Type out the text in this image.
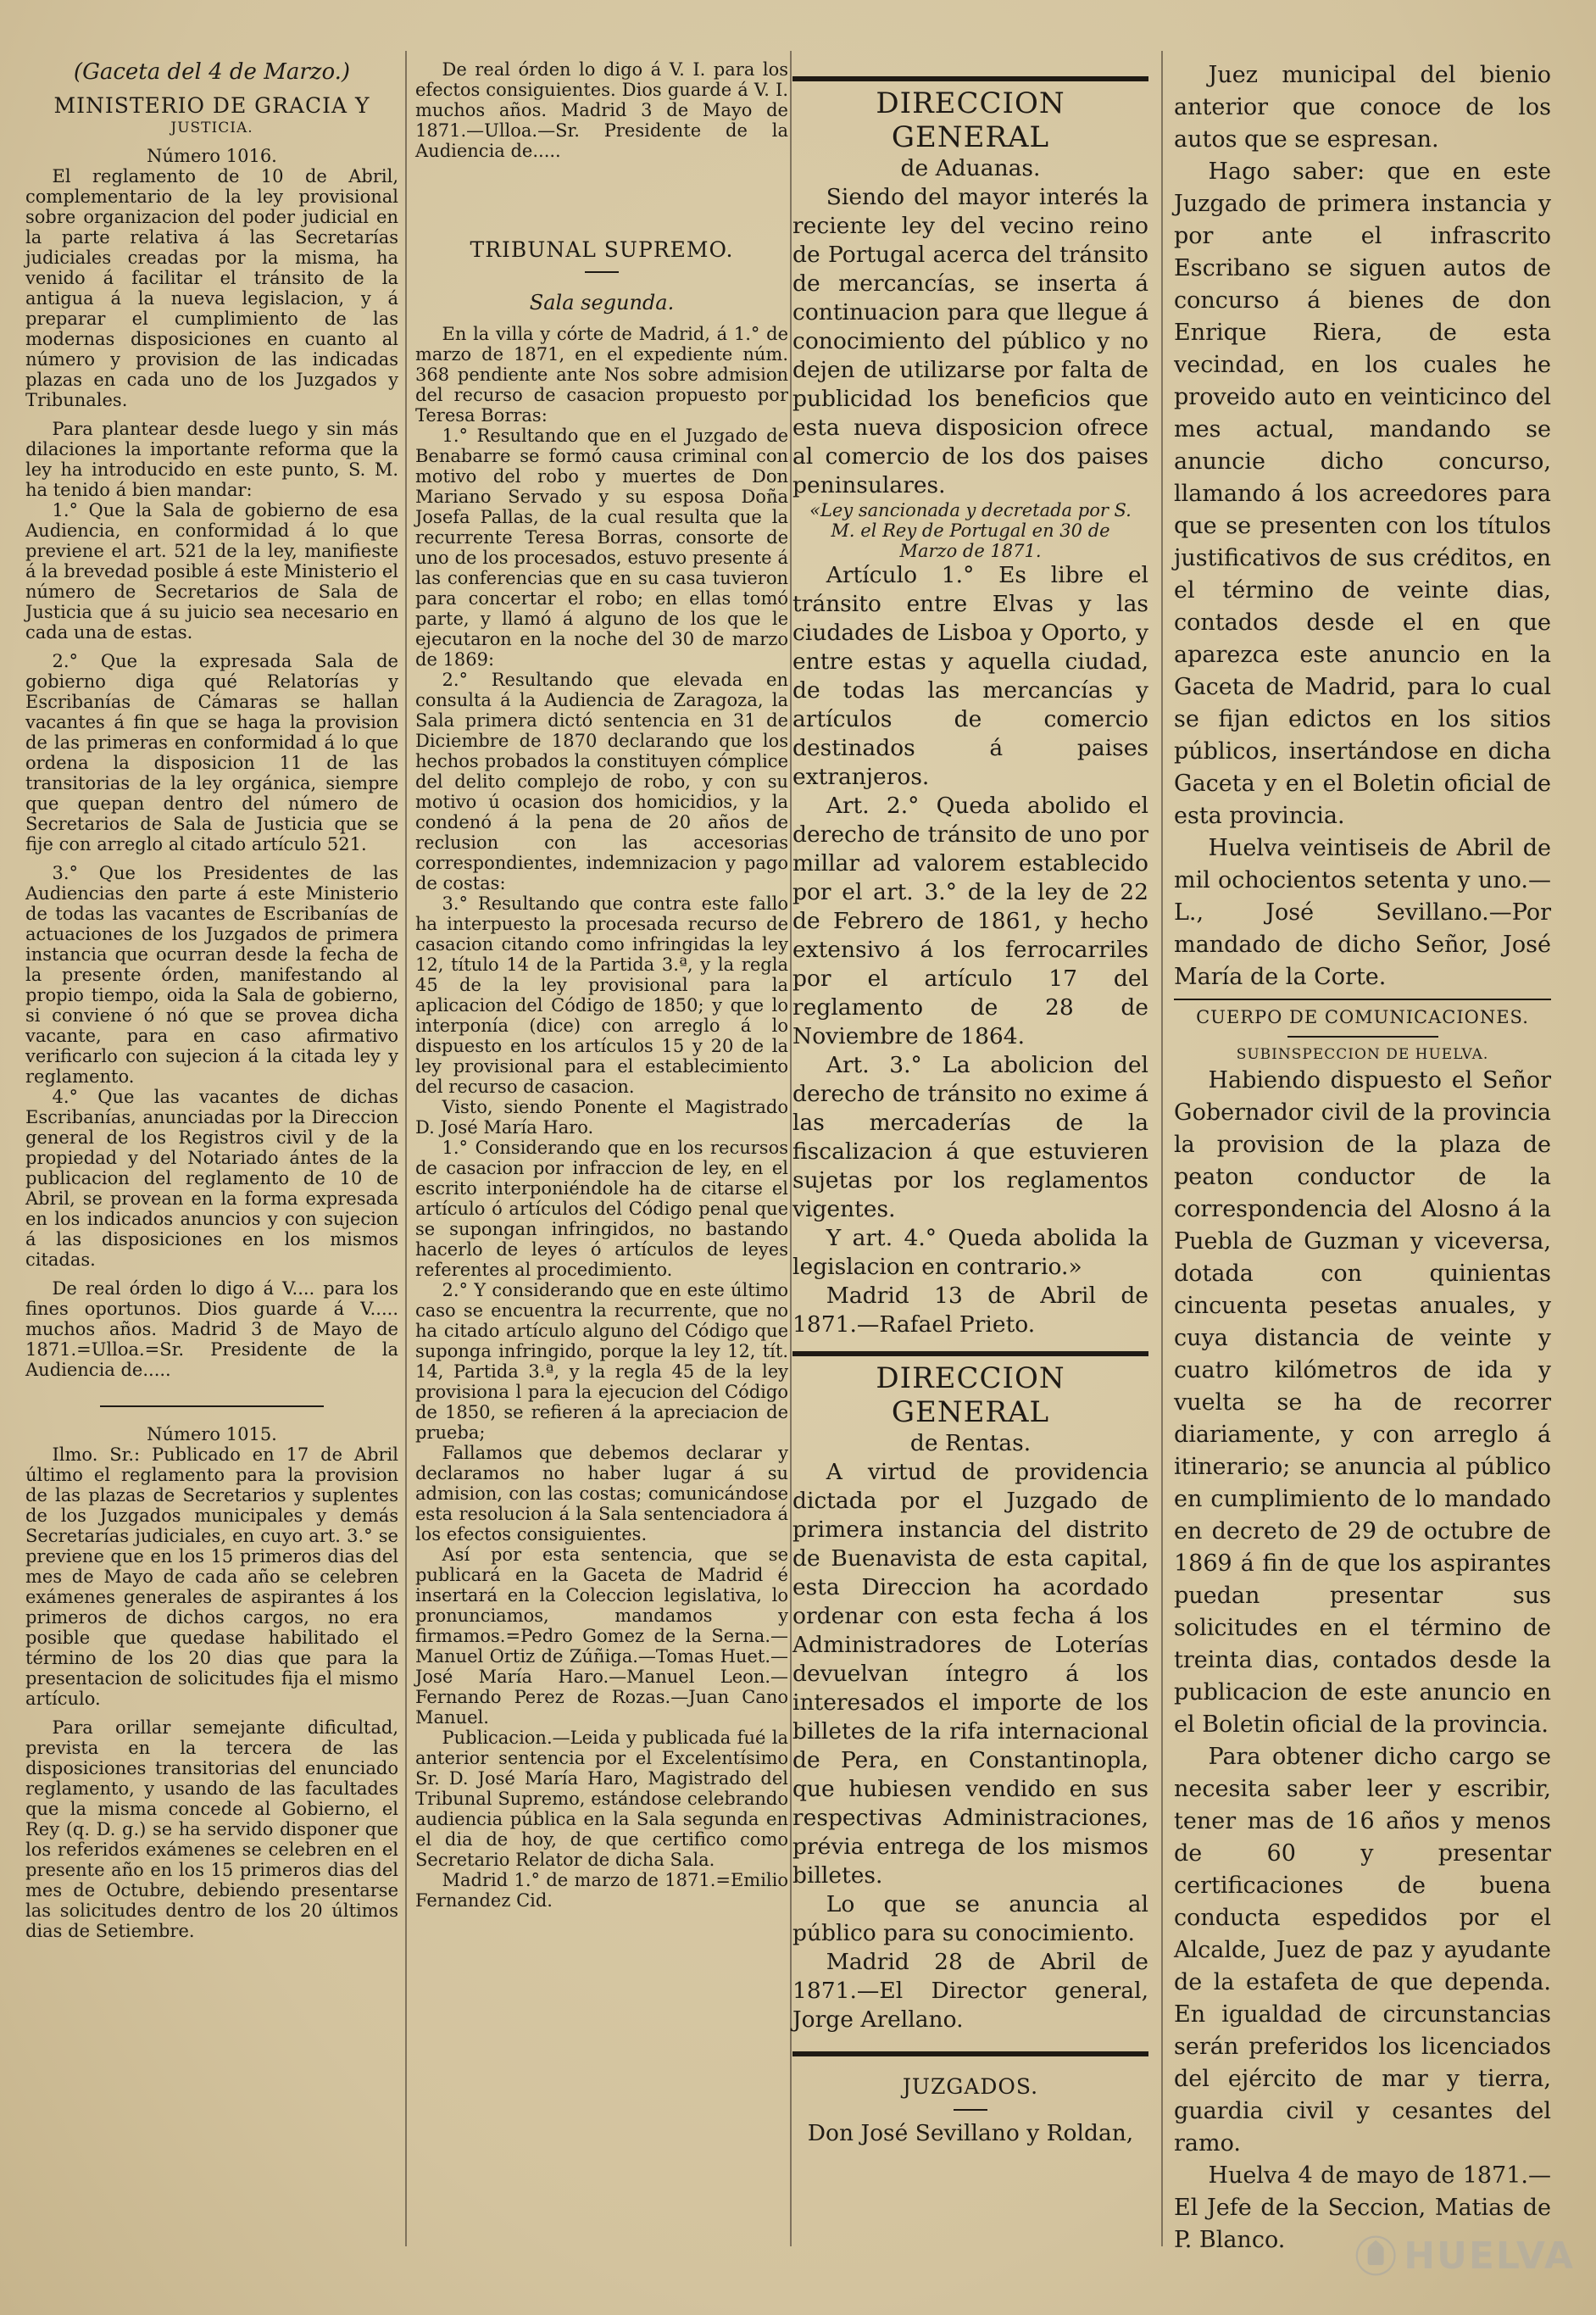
(Gaceta del 4 de Marzo.)

MINISTERIO DE GRACIA Y

JUSTICIA.

Número 1016.

El reglamento de 10 de Abril, complementario de la ley provisional sobre organizacion del poder judicial en la parte relativa á las Secretarías judiciales creadas por la misma, ha venido á facilitar el tránsito de la antigua á la nueva legislacion, y á preparar el cumplimiento de las modernas disposiciones en cuanto al número y provision de las indicadas plazas en cada uno de los Juzgados y Tribunales.

Para plantear desde luego y sin más dilaciones la importante reforma que la ley ha introducido en este punto, S. M. ha tenido á bien mandar:

1.° Que la Sala de gobierno de esa Audiencia, en conformidad á lo que previene el art. 521 de la ley, manifieste á la brevedad posible á este Ministerio el número de Secretarios de Sala de Justicia que á su juicio sea necesario en cada una de estas.

2.° Que la expresada Sala de gobierno diga qué Relatorías y Escribanías de Cámaras se hallan vacantes á fin que se haga la provision de las primeras en conformidad á lo que ordena la disposicion 11 de las transitorias de la ley orgánica, siempre que quepan dentro del número de Secretarios de Sala de Justicia que se fije con arreglo al citado artículo 521.

3.° Que los Presidentes de las Audiencias den parte á este Ministerio de todas las vacantes de Escribanías de actuaciones de los Juzgados de primera instancia que ocurran desde la fecha de la presente órden, manifestando al propio tiempo, oida la Sala de gobierno, si conviene ó nó que se provea dicha vacante, para en caso afirmativo verificarlo con sujecion á la citada ley y reglamento.

4.° Que las vacantes de dichas Escribanías, anunciadas por la Direccion general de los Registros civil y de la propiedad y del Notariado ántes de la publicacion del reglamento de 10 de Abril, se provean en la forma expresada en los indicados anuncios y con sujecion á las disposiciones en los mismos citadas.

De real órden lo digo á V.... para los fines oportunos. Dios guarde á V..... muchos años. Madrid 3 de Mayo de 1871.=Ulloa.=Sr. Presidente de la Audiencia de.....

Número 1015.

Ilmo. Sr.: Publicado en 17 de Abril último el reglamento para la provision de las plazas de Secretarios y suplentes de los Juzgados municipales y demás Secretarías judiciales, en cuyo art. 3.° se previene que en los 15 primeros dias del mes de Mayo de cada año se celebren exámenes generales de aspirantes á los primeros de dichos cargos, no era posible que quedase habilitado el término de los 20 dias que para la presentacion de solicitudes fija el mismo artículo.

Para orillar semejante dificultad, prevista en la tercera de las disposiciones transitorias del enunciado reglamento, y usando de las facultades que la misma concede al Gobierno, el Rey (q. D. g.) se ha servido disponer que los referidos exámenes se celebren en el presente año en los 15 primeros dias del mes de Octubre, debiendo presentarse las solicitudes dentro de los 20 últimos dias de Setiembre.

De real órden lo digo á V. I. para los efectos consiguientes. Dios guarde á V. I. muchos años. Madrid 3 de Mayo de 1871.—Ulloa.—Sr. Presidente de la Audiencia de.....

TRIBUNAL SUPREMO.

Sala segunda.

En la villa y córte de Madrid, á 1.° de marzo de 1871, en el expediente núm. 368 pendiente ante Nos sobre admision del recurso de casacion propuesto por Teresa Borras:

1.° Resultando que en el Juzgado de Benabarre se formó causa criminal con motivo del robo y muertes de Don Mariano Servado y su esposa Doña Josefa Pallas, de la cual resulta que la recurrente Teresa Borras, consorte de uno de los procesados, estuvo presente á las conferencias que en su casa tuvieron para concertar el robo; en ellas tomó parte, y llamó á alguno de los que le ejecutaron en la noche del 30 de marzo de 1869:

2.° Resultando que elevada en consulta á la Audiencia de Zaragoza, la Sala primera dictó sentencia en 31 de Diciembre de 1870 declarando que los hechos probados la constituyen cómplice del delito complejo de robo, y con su motivo ú ocasion dos homicidios, y la condenó á la pena de 20 años de reclusion con las accesorias correspondientes, indemnizacion y pago de costas:

3.° Resultando que contra este fallo ha interpuesto la procesada recurso de casacion citando como infringidas la ley 12, título 14 de la Partida 3.ª, y la regla 45 de la ley provisional para la aplicacion del Código de 1850; y que lo interponía (dice) con arreglo á lo dispuesto en los artículos 15 y 20 de la ley provisional para el establecimiento del recurso de casacion.

Visto, siendo Ponente el Magistrado D. José María Haro.

1.° Considerando que en los recursos de casacion por infraccion de ley, en el escrito interponiéndole ha de citarse el artículo ó artículos del Código penal que se supongan infringidos, no bastando hacerlo de leyes ó artículos de leyes referentes al procedimiento.

2.° Y considerando que en este último caso se encuentra la recurrente, que no ha citado artículo alguno del Código que suponga infringido, porque la ley 12, tít. 14, Partida 3.ª, y la regla 45 de la ley provisiona l para la ejecucion del Código de 1850, se refieren á la apreciacion de prueba;

Fallamos que debemos declarar y declaramos no haber lugar á su admision, con las costas; comunicándose esta resolucion á la Sala sentenciadora á los efectos consiguientes.

Así por esta sentencia, que se publicará en la Gaceta de Madrid é insertará en la Coleccion legislativa, lo pronunciamos, mandamos y firmamos.=Pedro Gomez de la Serna.—Manuel Ortiz de Zúñiga.—Tomas Huet.—José María Haro.—Manuel Leon.—Fernando Perez de Rozas.—Juan Cano Manuel.

Publicacion.—Leida y publicada fué la anterior sentencia por el Excelentísimo Sr. D. José María Haro, Magistrado del Tribunal Supremo, estándose celebrando audiencia pública en la Sala segunda en el dia de hoy, de que certifico como Secretario Relator de dicha Sala.

Madrid 1.° de marzo de 1871.=Emilio Fernandez Cid.

DIRECCION GENERAL

de Aduanas.

Siendo del mayor interés la reciente ley del vecino reino de Portugal acerca del tránsito de mercancías, se inserta á continuacion para que llegue á conocimiento del público y no dejen de utilizarse por falta de publicidad los beneficios que esta nueva disposicion ofrece al comercio de los dos paises peninsulares.

«Ley sancionada y decretada por S. M. el Rey de Portugal en 30 de Marzo de 1871.

Artículo 1.° Es libre el tránsito entre Elvas y las ciudades de Lisboa y Oporto, y entre estas y aquella ciudad, de todas las mercancías y artículos de comercio destinados á paises extranjeros.

Art. 2.° Queda abolido el derecho de tránsito de uno por millar ad valorem establecido por el art. 3.° de la ley de 22 de Febrero de 1861, y hecho extensivo á los ferrocarriles por el artículo 17 del reglamento de 28 de Noviembre de 1864.

Art. 3.° La abolicion del derecho de tránsito no exime á las mercaderías de la fiscalizacion á que estuvieren sujetas por los reglamentos vigentes.

Y art. 4.° Queda abolida la legislacion en contrario.»

Madrid 13 de Abril de 1871.—Rafael Prieto.

DIRECCION GENERAL

de Rentas.

A virtud de providencia dictada por el Juzgado de primera instancia del distrito de Buenavista de esta capital, esta Direccion ha acordado ordenar con esta fecha á los Administradores de Loterías devuelvan íntegro á los interesados el importe de los billetes de la rifa internacional de Pera, en Constantinopla, que hubiesen vendido en sus respectivas Administraciones, prévia entrega de los mismos billetes.

Lo que se anuncia al público para su conocimiento.

Madrid 28 de Abril de 1871.—El Director general, Jorge Arellano.

JUZGADOS.

Don José Sevillano y Roldan,

Juez municipal del bienio anterior que conoce de los autos que se espresan.

Hago saber: que en este Juzgado de primera instancia y por ante el infrascrito Escribano se siguen autos de concurso á bienes de don Enrique Riera, de esta vecindad, en los cuales he proveido auto en veinticinco del mes actual, mandando se anuncie dicho concurso, llamando á los acreedores para que se presenten con los títulos justificativos de sus créditos, en el término de veinte dias, contados desde el en que aparezca este anuncio en la Gaceta de Madrid, para lo cual se fijan edictos en los sitios públicos, insertándose en dicha Gaceta y en el Boletin oficial de esta provincia.

Huelva veintiseis de Abril de mil ochocientos setenta y uno.—L., José Sevillano.—Por mandado de dicho Señor, José María de la Corte.

CUERPO DE COMUNICACIONES.

SUBINSPECCION DE HUELVA.

Habiendo dispuesto el Señor Gobernador civil de la provincia la provision de la plaza de peaton conductor de la correspondencia del Alosno á la Puebla de Guzman y viceversa, dotada con quinientas cincuenta pesetas anuales, y cuya distancia de veinte y cuatro kilómetros de ida y vuelta se ha de recorrer diariamente, y con arreglo á itinerario; se anuncia al público en cumplimiento de lo mandado en decreto de 29 de octubre de 1869 á fin de que los aspirantes puedan presentar sus solicitudes en el término de treinta dias, contados desde la publicacion de este anuncio en el Boletin oficial de la provincia.

Para obtener dicho cargo se necesita saber leer y escribir, tener mas de 16 años y menos de 60 y presentar certificaciones de buena conducta espedidos por el Alcalde, Juez de paz y ayudante de la estafeta de que dependa. En igualdad de circunstancias serán preferidos los licenciados del ejército de mar y tierra, guardia civil y cesantes del ramo.

Huelva 4 de mayo de 1871.—El Jefe de la Seccion, Matias de P. Blanco.	HUELVA
